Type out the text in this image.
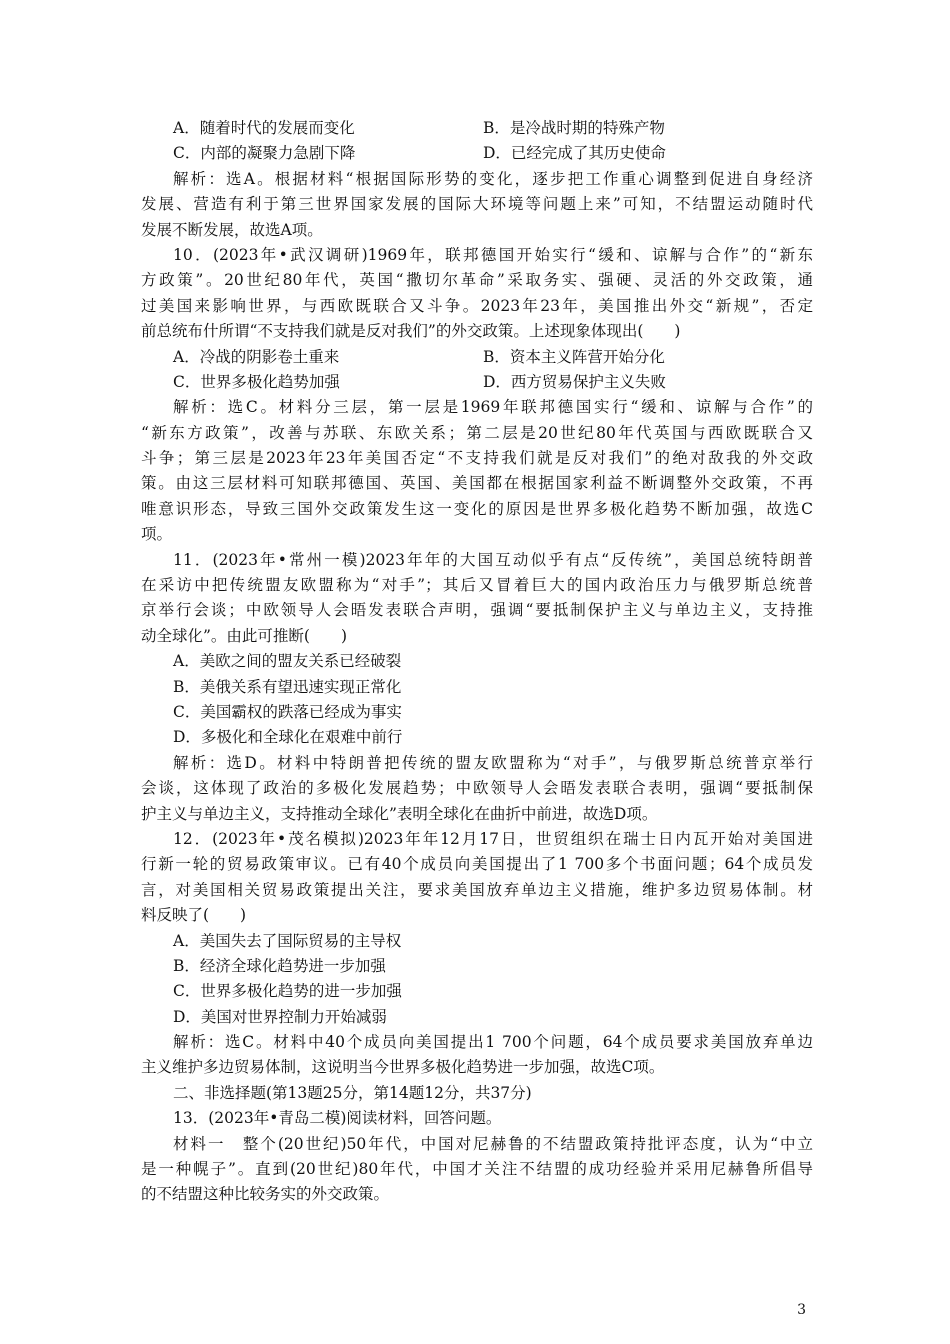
A．随着时代的发展而变化	B．是冷战时期的特殊产物
C．内部的凝聚力急剧下降	D．已经完成了其历史使命
解析：选A。根据材料“根据国际形势的变化，逐步把工作重心调整到促进自身经济
发展、营造有利于第三世界国家发展的国际大环境等问题上来”可知，不结盟运动随时代
发展不断发展，故选A项。
10．(2023年•武汉调研)1969年，联邦德国开始实行“缓和、谅解与合作”的“新东
方政策”。20世纪80年代，英国“撒切尔革命”采取务实、强硬、灵活的外交政策，通
过美国来影响世界，与西欧既联合又斗争。2023年23年，美国推出外交“新规”，否定
前总统布什所谓“不支持我们就是反对我们”的外交政策。上述现象体现出(　　)
A．冷战的阴影卷土重来	B．资本主义阵营开始分化
C．世界多极化趋势加强	D．西方贸易保护主义失败
解析：选C。材料分三层，第一层是1969年联邦德国实行“缓和、谅解与合作”的
“新东方政策”，改善与苏联、东欧关系；第二层是20世纪80年代英国与西欧既联合又
斗争；第三层是2023年23年美国否定“不支持我们就是反对我们”的绝对敌我的外交政
策。由这三层材料可知联邦德国、英国、美国都在根据国家利益不断调整外交政策，不再
唯意识形态，导致三国外交政策发生这一变化的原因是世界多极化趋势不断加强，故选C
项。
11．(2023年•常州一模)2023年年的大国互动似乎有点“反传统”，美国总统特朗普
在采访中把传统盟友欧盟称为“对手”；其后又冒着巨大的国内政治压力与俄罗斯总统普
京举行会谈；中欧领导人会晤发表联合声明，强调“要抵制保护主义与单边主义，支持推
动全球化”。由此可推断(　　)
A．美欧之间的盟友关系已经破裂
B．美俄关系有望迅速实现正常化
C．美国霸权的跌落已经成为事实
D．多极化和全球化在艰难中前行
解析：选D。材料中特朗普把传统的盟友欧盟称为“对手”，与俄罗斯总统普京举行
会谈，这体现了政治的多极化发展趋势；中欧领导人会晤发表联合表明，强调“要抵制保
护主义与单边主义，支持推动全球化”表明全球化在曲折中前进，故选D项。
12．(2023年•茂名模拟)2023年年12月17日，世贸组织在瑞士日内瓦开始对美国进
行新一轮的贸易政策审议。已有40个成员向美国提出了1 700多个书面问题；64个成员发
言，对美国相关贸易政策提出关注，要求美国放弃单边主义措施，维护多边贸易体制。材
料反映了(　　)
A．美国失去了国际贸易的主导权
B．经济全球化趋势进一步加强
C．世界多极化趋势的进一步加强
D．美国对世界控制力开始减弱
解析：选C。材料中40个成员向美国提出1 700个问题，64个成员要求美国放弃单边
主义维护多边贸易体制，这说明当今世界多极化趋势进一步加强，故选C项。
二、非选择题(第13题25分，第14题12分，共37分)
13．(2023年•青岛二模)阅读材料，回答问题。
材料一　整个(20世纪)50年代，中国对尼赫鲁的不结盟政策持批评态度，认为“中立
是一种幌子”。直到(20世纪)80年代，中国才关注不结盟的成功经验并采用尼赫鲁所倡导
的不结盟这种比较务实的外交政策。
3
